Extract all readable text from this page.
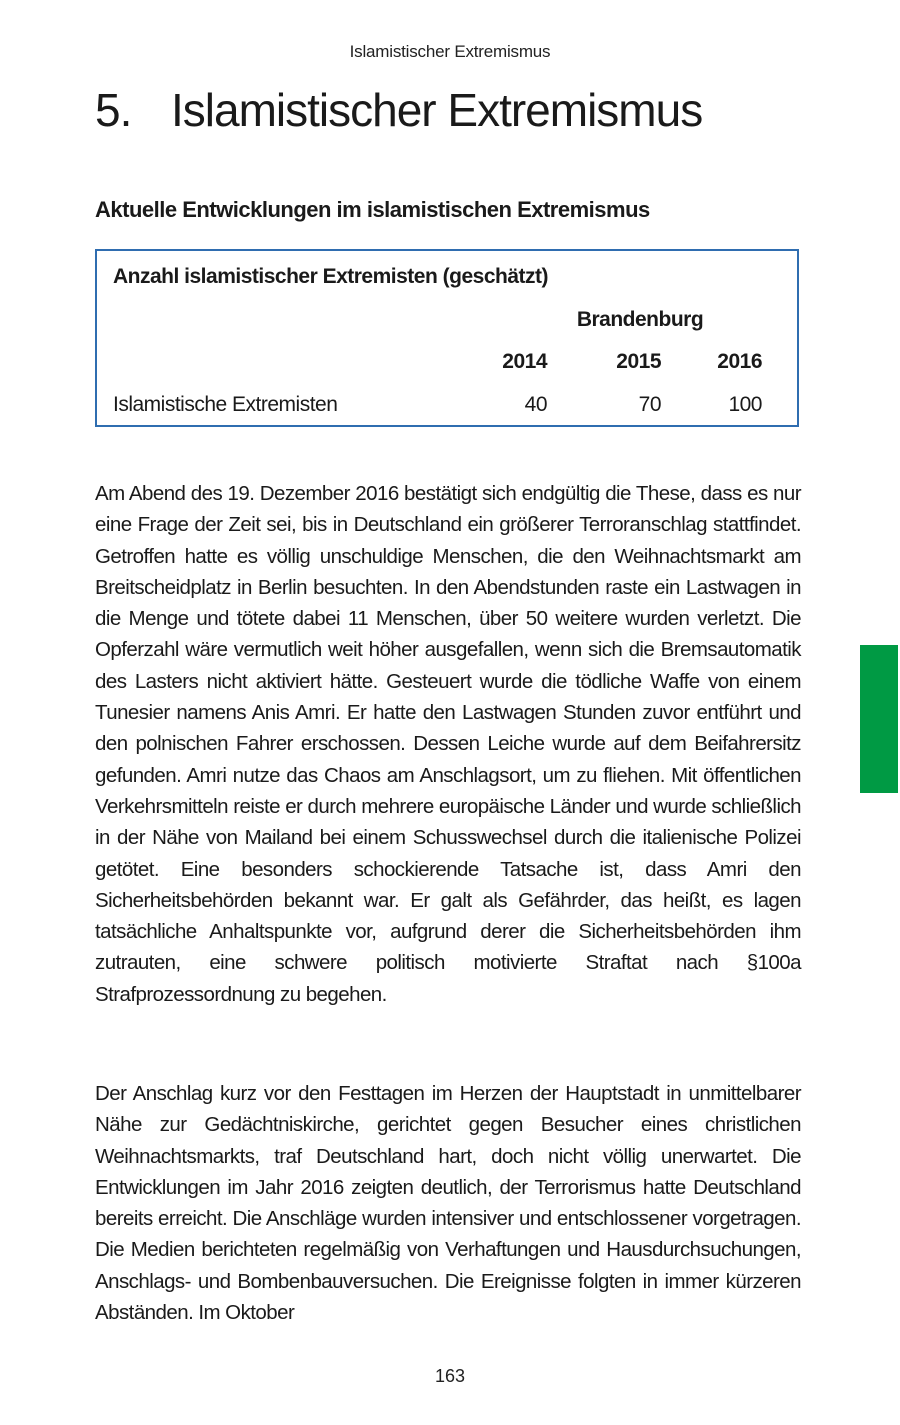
Islamistischer Extremismus
5. Islamistischer Extremismus
Aktuelle Entwicklungen im islamistischen Extremismus
Anzahl islamistischer Extremisten (geschätzt)
Brandenburg
2014	2015	2016
Islamistische Extremisten	40	70	100

Am Abend des 19. Dezember 2016 bestätigt sich endgültig die These, dass es nur eine Frage der Zeit sei, bis in Deutschland ein größerer Terroranschlag stattfindet. Getroffen hatte es völlig unschuldige Menschen, die den Weihnachtsmarkt am Breitscheidplatz in Berlin besuchten. In den Abendstunden raste ein Lastwagen in die Menge und tötete dabei 11 Menschen, über 50 weitere wurden verletzt. Die Opferzahl wäre vermutlich weit höher ausgefallen, wenn sich die Bremsautomatik des Lasters nicht aktiviert hätte. Gesteuert wurde die tödliche Waffe von einem Tunesier namens Anis Amri. Er hatte den Lastwagen Stunden zuvor entführt und den polnischen Fahrer erschossen. Dessen Leiche wurde auf dem Beifahrersitz gefunden. Amri nutze das Chaos am Anschlagsort, um zu fliehen. Mit öffentlichen Verkehrsmitteln reiste er durch mehrere europäische Länder und wurde schließlich in der Nähe von Mailand bei einem Schusswechsel durch die italienische Polizei getötet. Eine besonders schockierende Tatsache ist, dass Amri den Sicherheitsbehörden bekannt war. Er galt als Gefährder, das heißt, es lagen tatsächliche Anhaltspunkte vor, aufgrund derer die Sicherheitsbehörden ihm zutrauten, eine schwere politisch motivierte Straftat nach §100a Strafprozessordnung zu begehen.

Der Anschlag kurz vor den Festtagen im Herzen der Hauptstadt in unmittelbarer Nähe zur Gedächtniskirche, gerichtet gegen Besucher eines christlichen Weihnachtsmarkts, traf Deutschland hart, doch nicht völlig unerwartet. Die Entwicklungen im Jahr 2016 zeigten deutlich, der Terrorismus hatte Deutschland bereits erreicht. Die Anschläge wurden intensiver und entschlossener vorgetragen. Die Medien berichteten regelmäßig von Verhaftungen und Hausdurchsuchungen, Anschlags- und Bombenbauversuchen. Die Ereignisse folgten in immer kürzeren Abständen. Im Oktober

163
